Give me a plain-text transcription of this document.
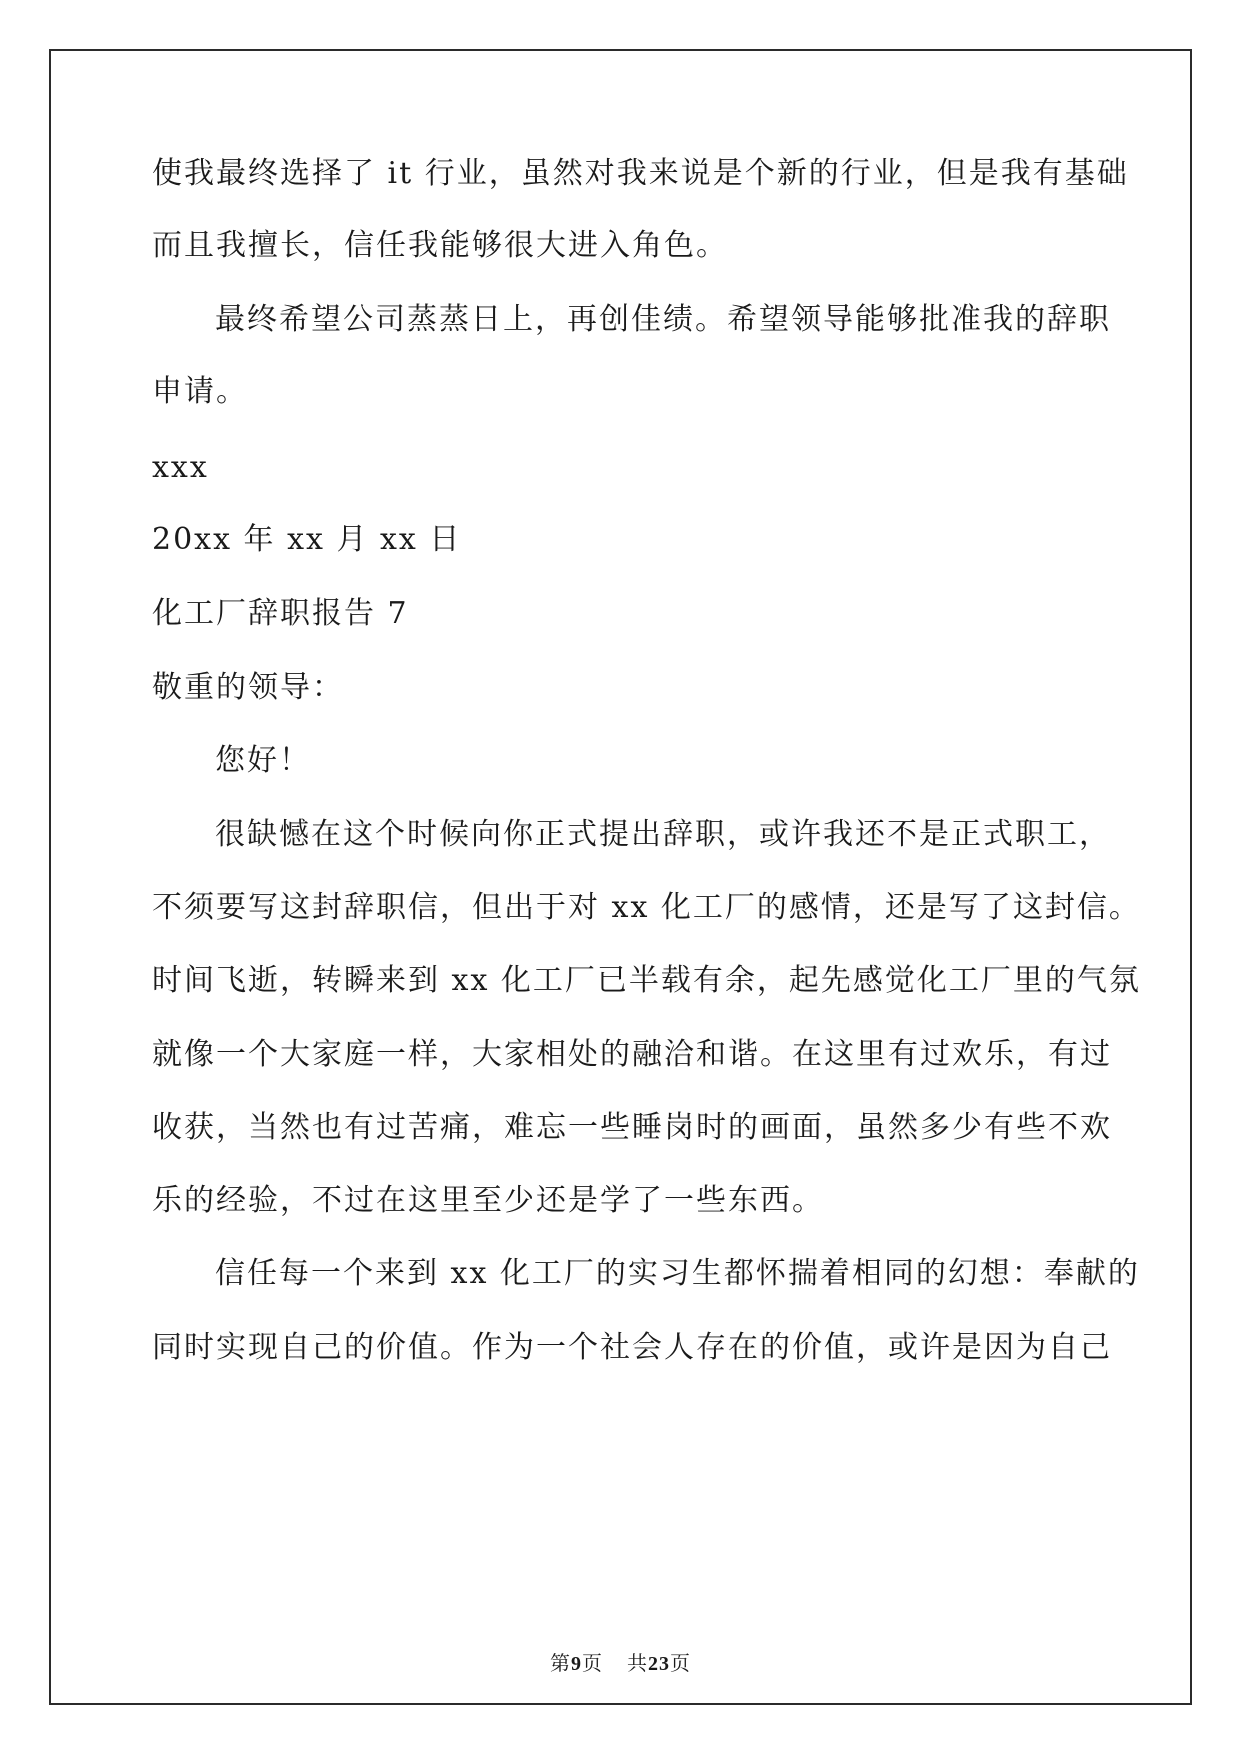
使我最终选择了 it 行业，虽然对我来说是个新的行业，但是我有基础
而且我擅长，信任我能够很大进入角色。
最终希望公司蒸蒸日上，再创佳绩。希望领导能够批准我的辞职
申请。
xxx
20xx 年 xx 月 xx 日
化工厂辞职报告 7
敬重的领导：
您好！
很缺憾在这个时候向你正式提出辞职，或许我还不是正式职工，
不须要写这封辞职信，但出于对 xx 化工厂的感情，还是写了这封信。
时间飞逝，转瞬来到 xx 化工厂已半载有余，起先感觉化工厂里的气氛
就像一个大家庭一样，大家相处的融洽和谐。在这里有过欢乐，有过
收获，当然也有过苦痛，难忘一些睡岗时的画面，虽然多少有些不欢
乐的经验，不过在这里至少还是学了一些东西。
信任每一个来到 xx 化工厂的实习生都怀揣着相同的幻想：奉献的
同时实现自己的价值。作为一个社会人存在的价值，或许是因为自己
第9页 共23页
